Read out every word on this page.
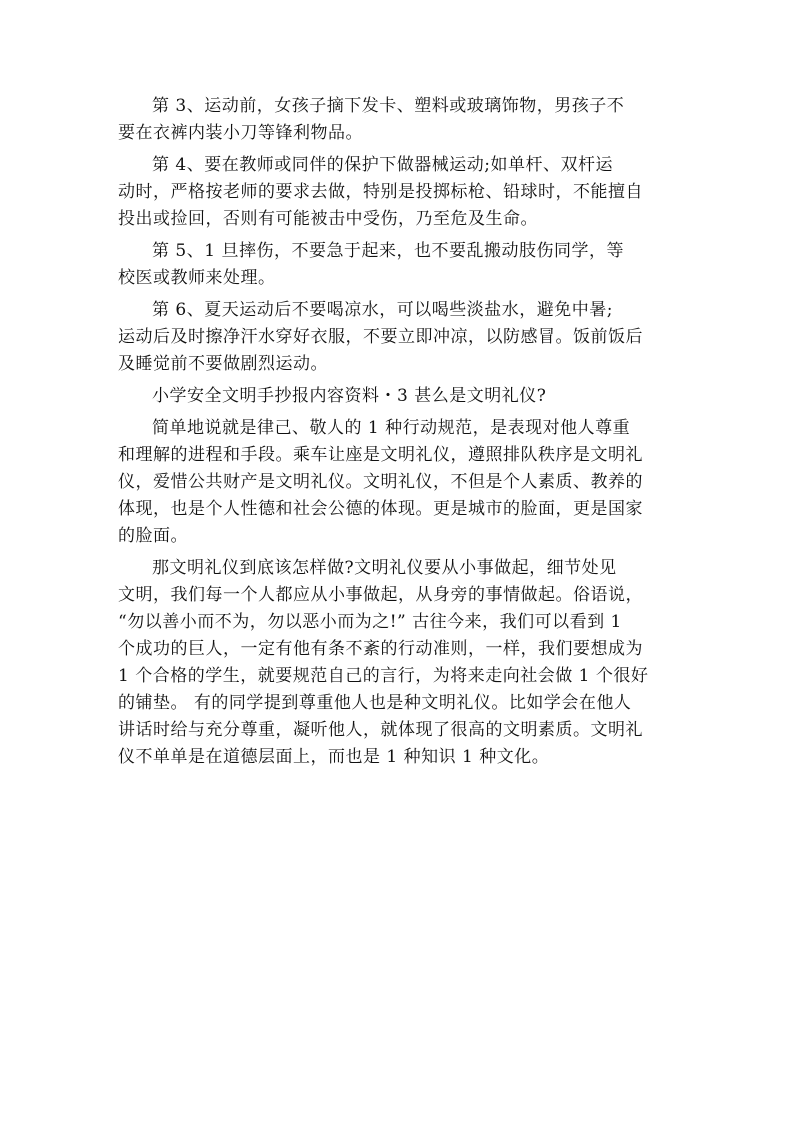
第 3、运动前，女孩子摘下发卡、塑料或玻璃饰物，男孩子不
要在衣裤内装小刀等锋利物品。

第 4、要在教师或同伴的保护下做器械运动;如单杆、双杆运
动时，严格按老师的要求去做，特别是投掷标枪、铅球时，不能擅自
投出或捡回，否则有可能被击中受伤，乃至危及生命。

第 5、1 旦摔伤，不要急于起来，也不要乱搬动肢伤同学，等
校医或教师来处理。

第 6、夏天运动后不要喝凉水，可以喝些淡盐水，避免中暑;
运动后及时擦净汗水穿好衣服，不要立即冲凉，以防感冒。饭前饭后
及睡觉前不要做剧烈运动。

小学安全文明手抄报内容资料・3 甚么是文明礼仪?

简单地说就是律己、敬人的 1 种行动规范，是表现对他人尊重
和理解的进程和手段。乘车让座是文明礼仪，遵照排队秩序是文明礼
仪，爱惜公共财产是文明礼仪。文明礼仪，不但是个人素质、教养的
体现，也是个人性德和社会公德的体现。更是城市的脸面，更是国家
的脸面。

那文明礼仪到底该怎样做?文明礼仪要从小事做起，细节处见
文明，我们每一个人都应从小事做起，从身旁的事情做起。俗语说，
“勿以善小而不为，勿以恶小而为之!” 古往今来，我们可以看到 1
个成功的巨人，一定有他有条不紊的行动准则，一样，我们要想成为
1 个合格的学生，就要规范自己的言行，为将来走向社会做 1 个很好
的铺垫。 有的同学提到尊重他人也是种文明礼仪。比如学会在他人
讲话时给与充分尊重，凝听他人，就体现了很高的文明素质。文明礼
仪不单单是在道德层面上，而也是 1 种知识 1 种文化。
